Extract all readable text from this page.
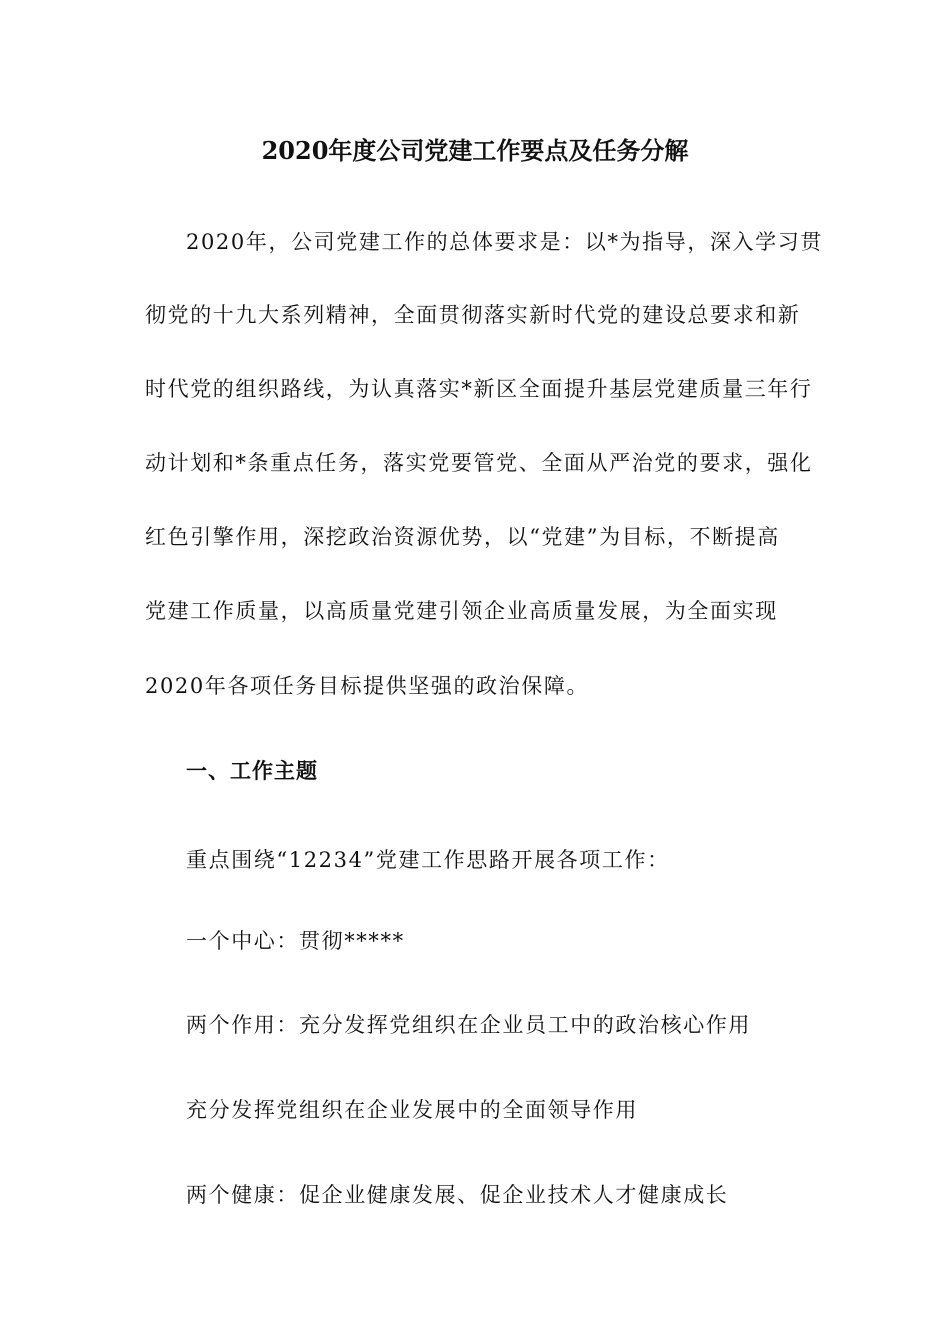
2020年度公司党建工作要点及任务分解
2020年，公司党建工作的总体要求是：以*为指导，深入学习贯
彻党的十九大系列精神，全面贯彻落实新时代党的建设总要求和新
时代党的组织路线，为认真落实*新区全面提升基层党建质量三年行
动计划和*条重点任务，落实党要管党、全面从严治党的要求，强化
红色引擎作用，深挖政治资源优势，以“党建”为目标，不断提高
党建工作质量，以高质量党建引领企业高质量发展，为全面实现
2020年各项任务目标提供坚强的政治保障。
一、工作主题
重点围绕“12234”党建工作思路开展各项工作：
一个中心：贯彻*****
两个作用：充分发挥党组织在企业员工中的政治核心作用
充分发挥党组织在企业发展中的全面领导作用
两个健康：促企业健康发展、促企业技术人才健康成长
